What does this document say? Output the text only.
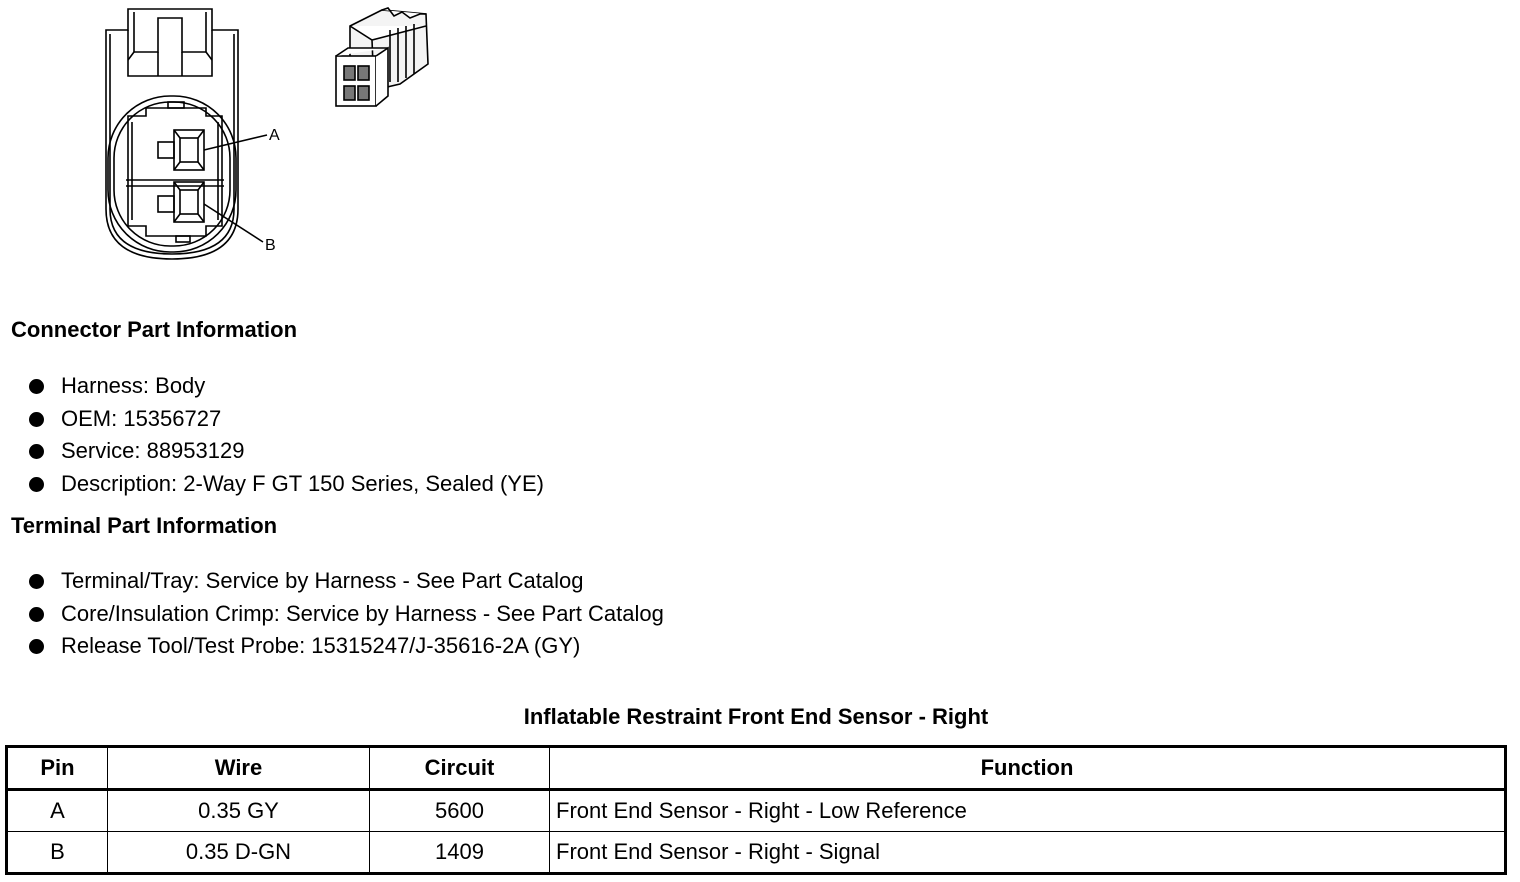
A
B
Connector Part Information
Harness: Body
OEM: 15356727
Service: 88953129
Description: 2-Way F GT 150 Series, Sealed (YE)
Terminal Part Information
Terminal/Tray: Service by Harness - See Part Catalog
Core/Insulation Crimp: Service by Harness - See Part Catalog
Release Tool/Test Probe: 15315247/J-35616-2A (GY)
Inflatable Restraint Front End Sensor - Right
Pin	Wire	Circuit	Function
A	0.35 GY	5600	Front End Sensor - Right - Low Reference
B	0.35 D-GN	1409	Front End Sensor - Right - Signal
